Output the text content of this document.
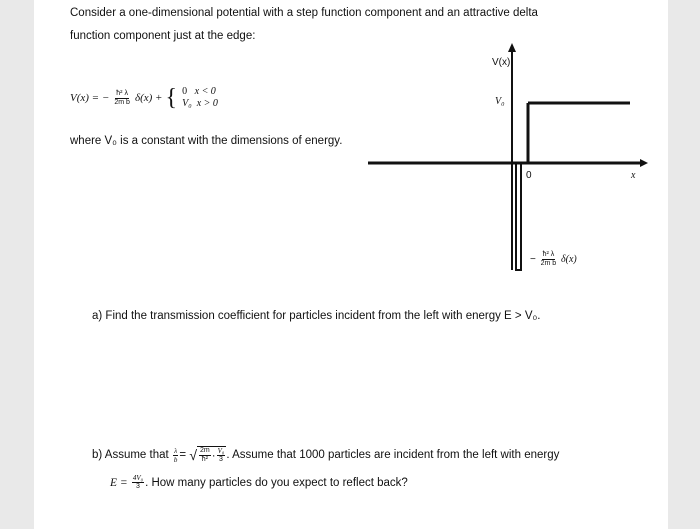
Consider a one-dimensional potential with a step function component and an attractive delta
function component just at the edge:
V(x) = − $\frac{\text{ħ² λ}}{\text{2m b}} \delta(x)$ + { 0 x < 0
V₀ x > 0
where V₀ is a constant with the dimensions of energy.
V(x)
V₀
0	x
− $\frac{\text{ħ² λ}}{\text{2m b}} \delta(x)$
a) Find the transmission coefficient for particles incident from the left with energy E > V₀.
b) Assume that
$\frac{\lambda}{b}$ =
√ $\frac{2m}{\text{ħ²}} \cdot \frac{\text{V₀}}{3}$ . Assume that 1000 particles are incident from the left with energy
E =
$\frac{\text{4V₀}}{3}$ . How many particles do you expect to reflect back?
